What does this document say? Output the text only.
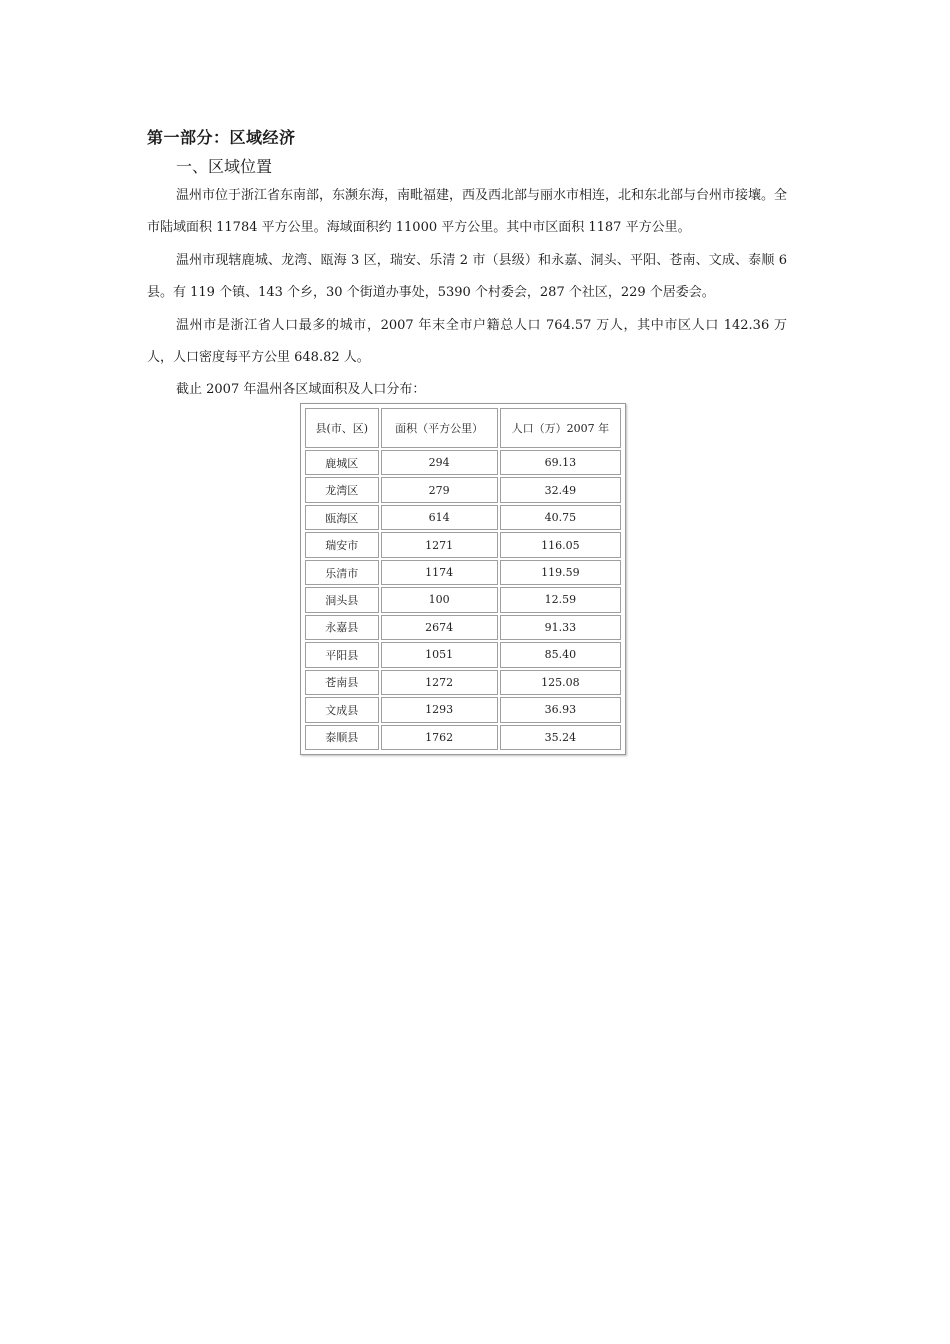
第一部分：区域经济
一、区域位置

温州市位于浙江省东南部，东濒东海，南毗福建，西及西北部与丽水市相连，北和东北部与台州市接壤。全市陆域面积 11784 平方公里。海域面积约 11000 平方公里。其中市区面积 1187 平方公里。

温州市现辖鹿城、龙湾、瓯海 3 区，瑞安、乐清 2 市（县级）和永嘉、洞头、平阳、苍南、文成、泰顺 6 县。有 119 个镇、143 个乡，30 个街道办事处，5390 个村委会，287 个社区，229 个居委会。

温州市是浙江省人口最多的城市，2007 年末全市户籍总人口 764.57 万人，其中市区人口 142.36 万人，人口密度每平方公里 648.82 人。

截止 2007 年温州各区域面积及人口分布：
县(市、区)	面积（平方公里）	人口（万）2007 年
鹿城区	294	69.13
龙湾区	279	32.49
瓯海区	614	40.75
瑞安市	1271	116.05
乐清市	1174	119.59
洞头县	100	12.59
永嘉县	2674	91.33
平阳县	1051	85.40
苍南县	1272	125.08
文成县	1293	36.93
泰顺县	1762	35.24
